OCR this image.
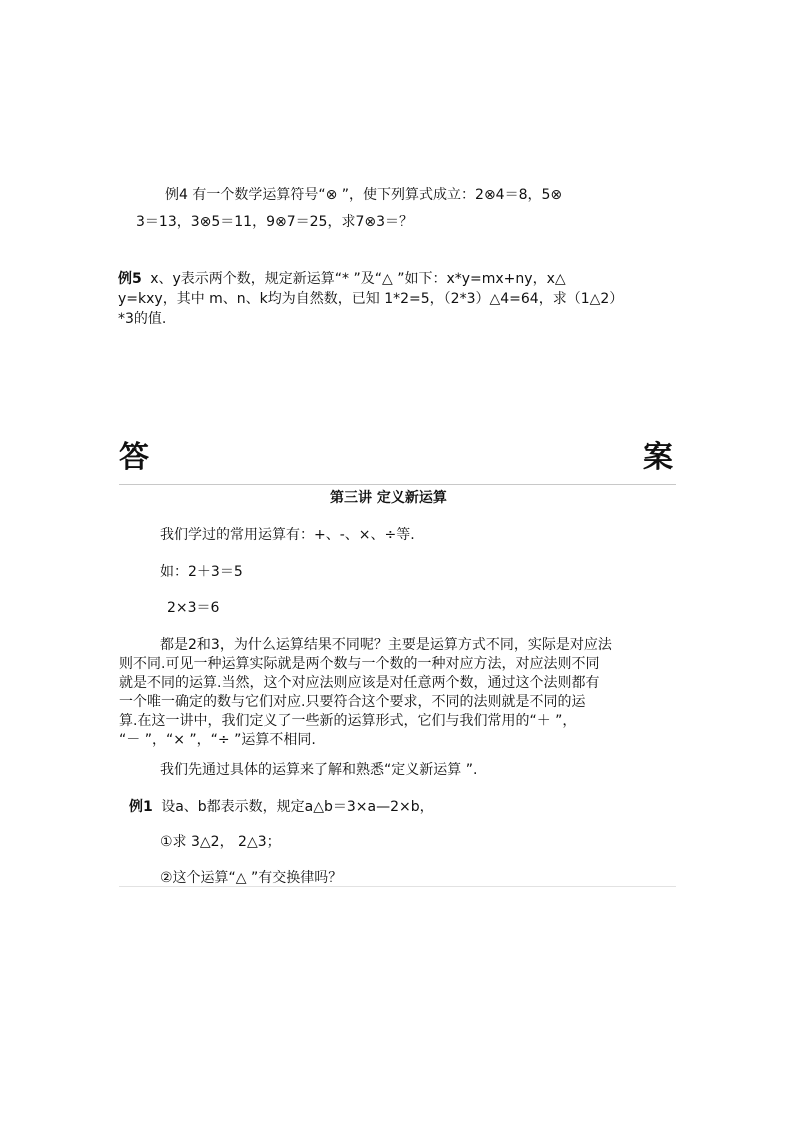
例4 有一个数学运算符号“⊗ ”，使下列算式成立：2⊗4＝8，5⊗
3＝13，3⊗5＝11，9⊗7＝25，求7⊗3＝？
例5 x、y表示两个数，规定新运算“* ”及“△ ”如下：x*y=mx+ny，x△
y=kxy，其中 m、n、k均为自然数，已知 1*2=5，（2*3）△4=64，求（1△2）
*3的值.
答	案
第三讲 定义新运算
我们学过的常用运算有：+、-、×、÷等.
如：2＋3＝5
2×3＝6
都是2和3，为什么运算结果不同呢？主要是运算方式不同，实际是对应法
则不同.可见一种运算实际就是两个数与一个数的一种对应方法，对应法则不同
就是不同的运算.当然，这个对应法则应该是对任意两个数，通过这个法则都有
一个唯一确定的数与它们对应.只要符合这个要求，不同的法则就是不同的运
算.在这一讲中，我们定义了一些新的运算形式，它们与我们常用的“＋ ”，
“－ ”，“× ”，“÷ ”运算不相同.
我们先通过具体的运算来了解和熟悉“定义新运算 ”.
例1 设a、b都表示数，规定a△b＝3×a—2×b，
①求 3△2， 2△3；
②这个运算“△ ”有交换律吗？
